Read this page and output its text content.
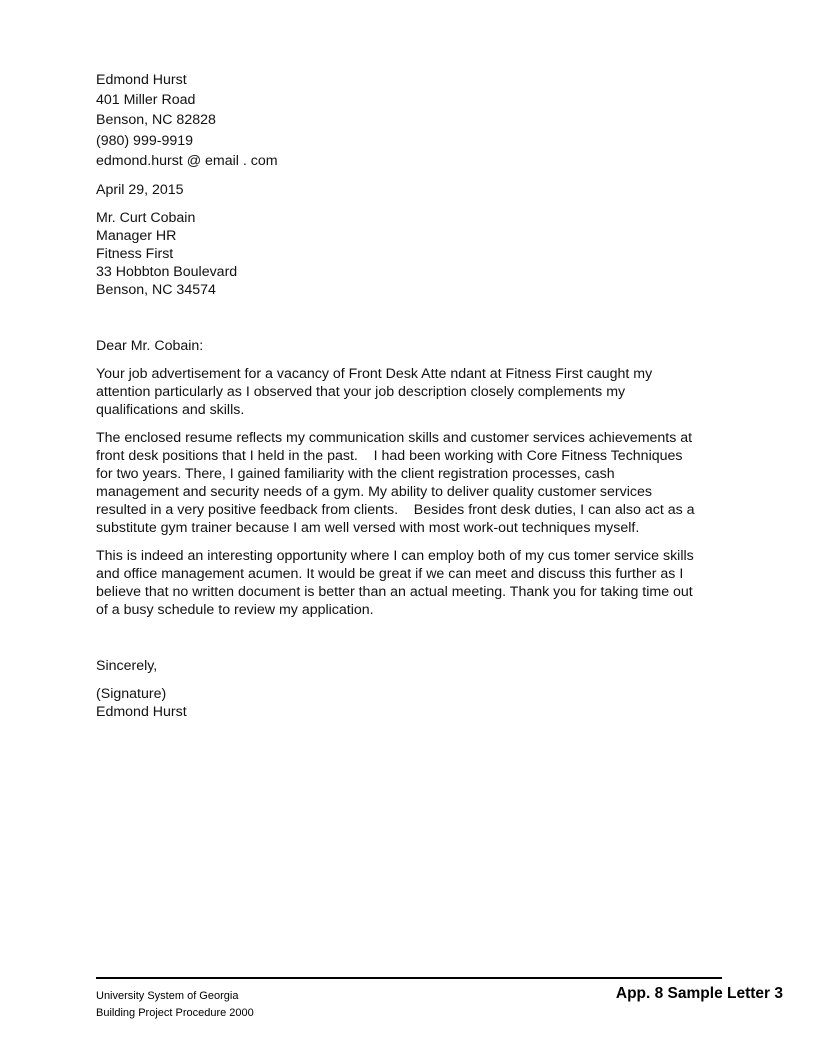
Edmond Hurst
401 Miller Road
Benson, NC 82828
(980) 999-9919
edmond.hurst @ email . com
April 29, 2015
Mr. Curt Cobain
Manager HR
Fitness First
33 Hobbton Boulevard
Benson, NC 34574
Dear Mr. Cobain:
Your job advertisement for a vacancy of Front Desk Atte ndant at Fitness First caught my
attention particularly as I observed that your job description closely complements my
qualifications and skills.
The enclosed resume reflects my communication skills and customer services achievements at
front desk positions that I held in the past.    I had been working with Core Fitness Techniques
for two years. There, I gained familiarity with the client registration processes, cash
management and security needs of a gym. My ability to deliver quality customer services
resulted in a very positive feedback from clients.    Besides front desk duties, I can also act as a
substitute gym trainer because I am well versed with most work-out techniques myself.
This is indeed an interesting opportunity where I can employ both of my cus tomer service skills
and office management acumen. It would be great if we can meet and discuss this further as I
believe that no written document is better than an actual meeting. Thank you for taking time out
of a busy schedule to review my application.
Sincerely,
(Signature)
Edmond Hurst
University System of Georgia
Building Project Procedure 2000
App. 8 Sample Letter 3
